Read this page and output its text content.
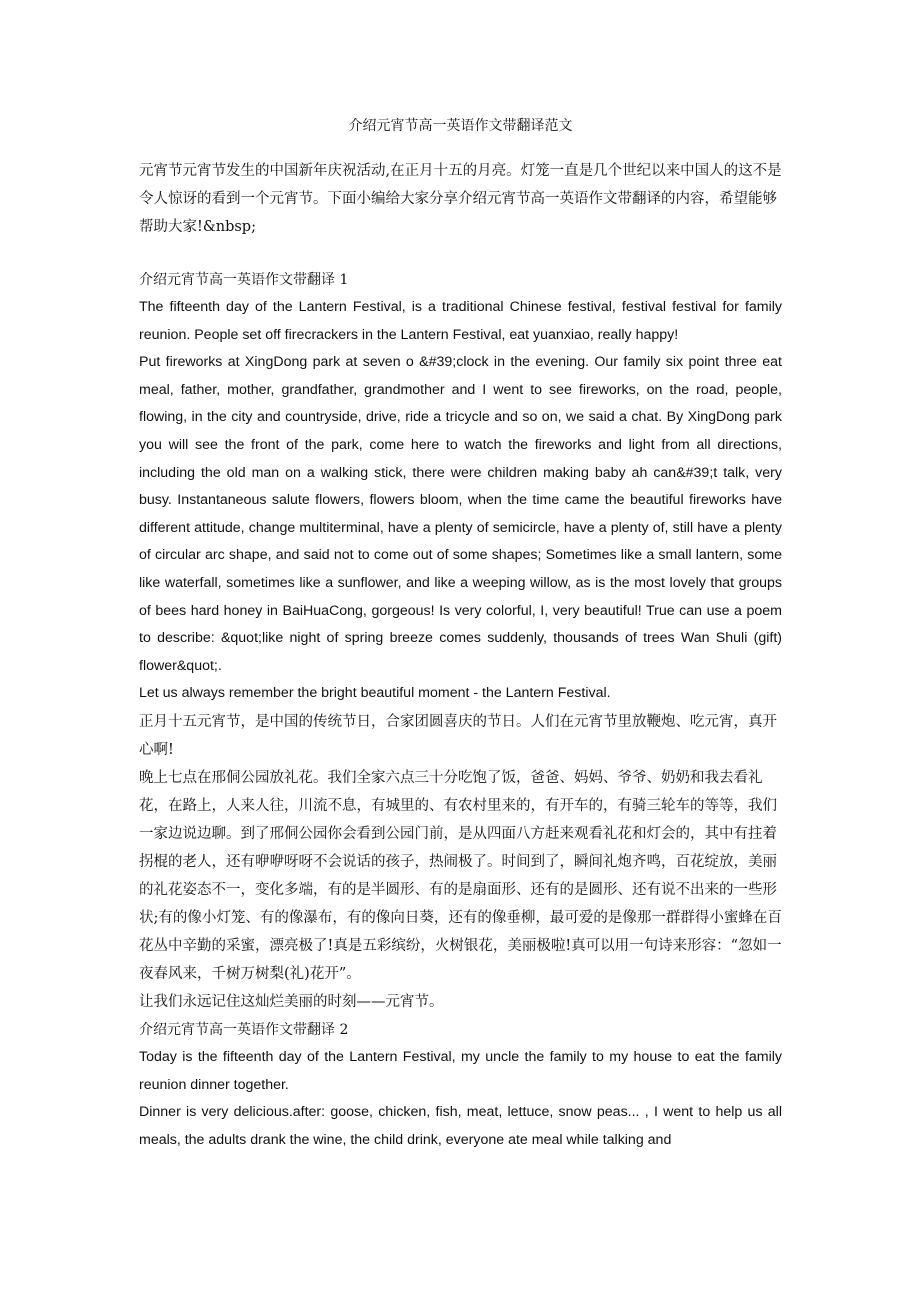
介绍元宵节高一英语作文带翻译范文

元宵节元宵节发生的中国新年庆祝活动,在正月十五的月亮。灯笼一直是几个世纪以来中国人的这不是令人惊讶的看到一个元宵节。下面小编给大家分享介绍元宵节高一英语作文带翻译的内容，希望能够帮助大家!&nbsp;

介绍元宵节高一英语作文带翻译 1

The fifteenth day of the Lantern Festival, is a traditional Chinese festival, festival festival for family reunion. People set off firecrackers in the Lantern Festival, eat yuanxiao, really happy!

Put fireworks at XingDong park at seven o &#39;clock in the evening. Our family six point three eat meal, father, mother, grandfather, grandmother and I went to see fireworks, on the road, people, flowing, in the city and countryside, drive, ride a tricycle and so on, we said a chat. By XingDong park you will see the front of the park, come here to watch the fireworks and light from all directions, including the old man on a walking stick, there were children making baby ah can&#39;t talk, very busy. Instantaneous salute flowers, flowers bloom, when the time came the beautiful fireworks have different attitude, change multiterminal, have a plenty of semicircle, have a plenty of, still have a plenty of circular arc shape, and said not to come out of some shapes; Sometimes like a small lantern, some like waterfall, sometimes like a sunflower, and like a weeping willow, as is the most lovely that groups of bees hard honey in BaiHuaCong, gorgeous! Is very colorful, I, very beautiful! True can use a poem to describe: &quot;like night of spring breeze comes suddenly, thousands of trees Wan Shuli (gift) flower&quot;.

Let us always remember the bright beautiful moment - the Lantern Festival.

正月十五元宵节，是中国的传统节日，合家团圆喜庆的节日。人们在元宵节里放鞭炮、吃元宵，真开心啊!

晚上七点在邢侗公园放礼花。我们全家六点三十分吃饱了饭，爸爸、妈妈、爷爷、奶奶和我去看礼花，在路上，人来人往，川流不息，有城里的、有农村里来的，有开车的，有骑三轮车的等等，我们一家边说边聊。到了邢侗公园你会看到公园门前，是从四面八方赶来观看礼花和灯会的，其中有拄着拐棍的老人，还有咿咿呀呀不会说话的孩子，热闹极了。时间到了，瞬间礼炮齐鸣，百花绽放，美丽的礼花姿态不一，变化多端，有的是半圆形、有的是扇面形、还有的是圆形、还有说不出来的一些形状;有的像小灯笼、有的像瀑布，有的像向日葵，还有的像垂柳，最可爱的是像那一群群得小蜜蜂在百花丛中辛勤的采蜜，漂亮极了!真是五彩缤纷，火树银花，美丽极啦!真可以用一句诗来形容：“忽如一夜春风来，千树万树梨(礼)花开”。

让我们永远记住这灿烂美丽的时刻——元宵节。

介绍元宵节高一英语作文带翻译 2

Today is the fifteenth day of the Lantern Festival, my uncle the family to my house to eat the family reunion dinner together.

Dinner is very delicious.after: goose, chicken, fish, meat, lettuce, snow peas... , I went to help us all meals, the adults drank the wine, the child drink, everyone ate meal while talking and
